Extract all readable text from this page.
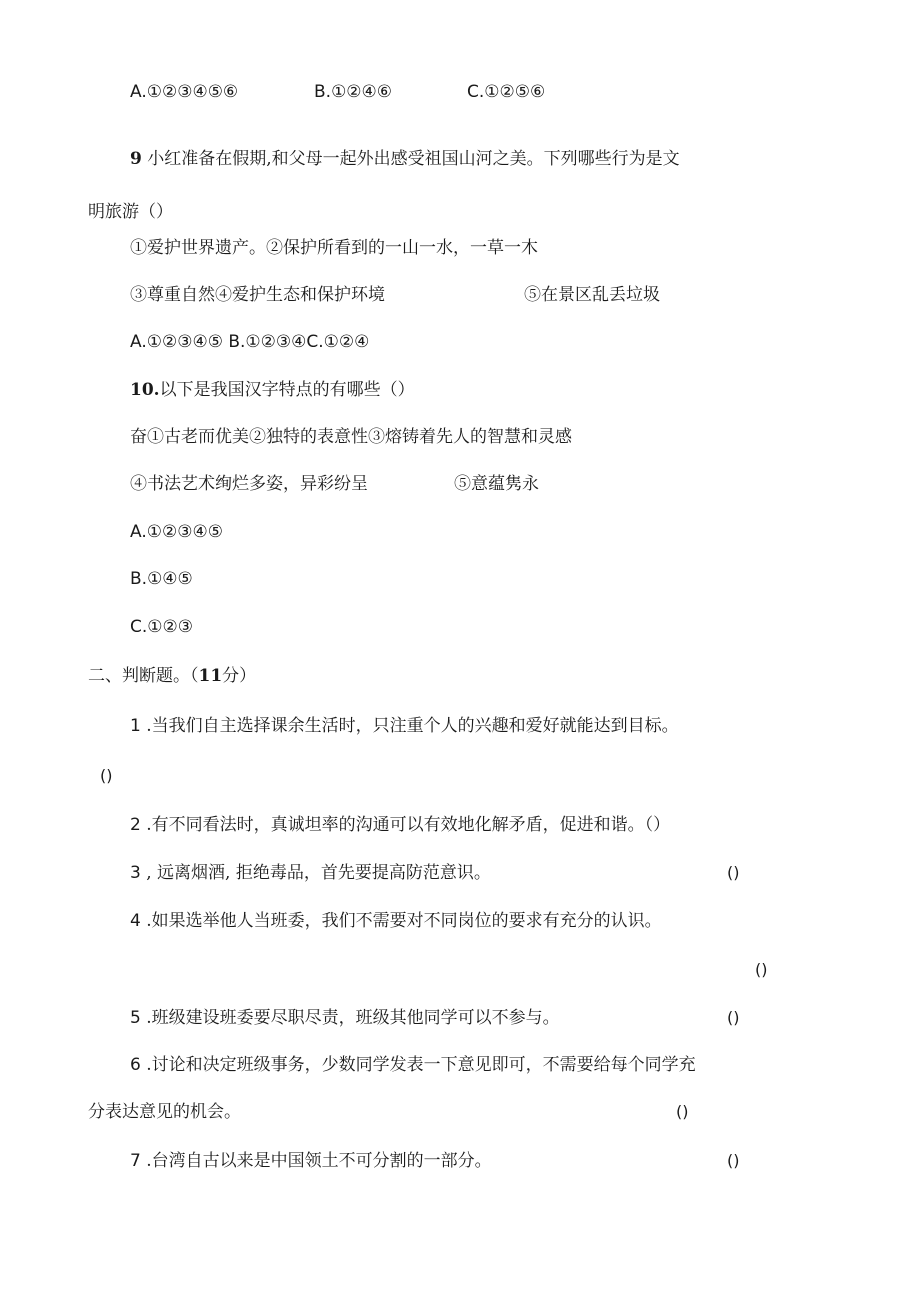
A.①②③④⑤⑥	B.①②④⑥	C.①②⑤⑥
9 小红准备在假期,和父母一起外出感受祖国山河之美。下列哪些行为是文
明旅游（）
①爱护世界遗产。②保护所看到的一山一水，一草一木
③尊重自然④爱护生态和保护环境	⑤在景区乱丢垃圾
A.①②③④⑤ B.①②③④C.①②④
10.以下是我国汉字特点的有哪些（）
奋①古老而优美②独特的表意性③熔铸着先人的智慧和灵感
④书法艺术绚烂多姿，异彩纷呈	⑤意蕴隽永
A.①②③④⑤
B.①④⑤
C.①②③
二、判断题。（11分）
1 .当我们自主选择课余生活时，只注重个人的兴趣和爱好就能达到目标。
()
2 .有不同看法时，真诚坦率的沟通可以有效地化解矛盾，促进和谐。（）
3 , 远离烟酒, 拒绝毒品，首先要提高防范意识。	()
4 .如果选举他人当班委，我们不需要对不同岗位的要求有充分的认识。
()
5 .班级建设班委要尽职尽责，班级其他同学可以不参与。	()
6 .讨论和决定班级事务，少数同学发表一下意见即可，不需要给每个同学充
分表达意见的机会。	()
7 .台湾自古以来是中国领土不可分割的一部分。	()
